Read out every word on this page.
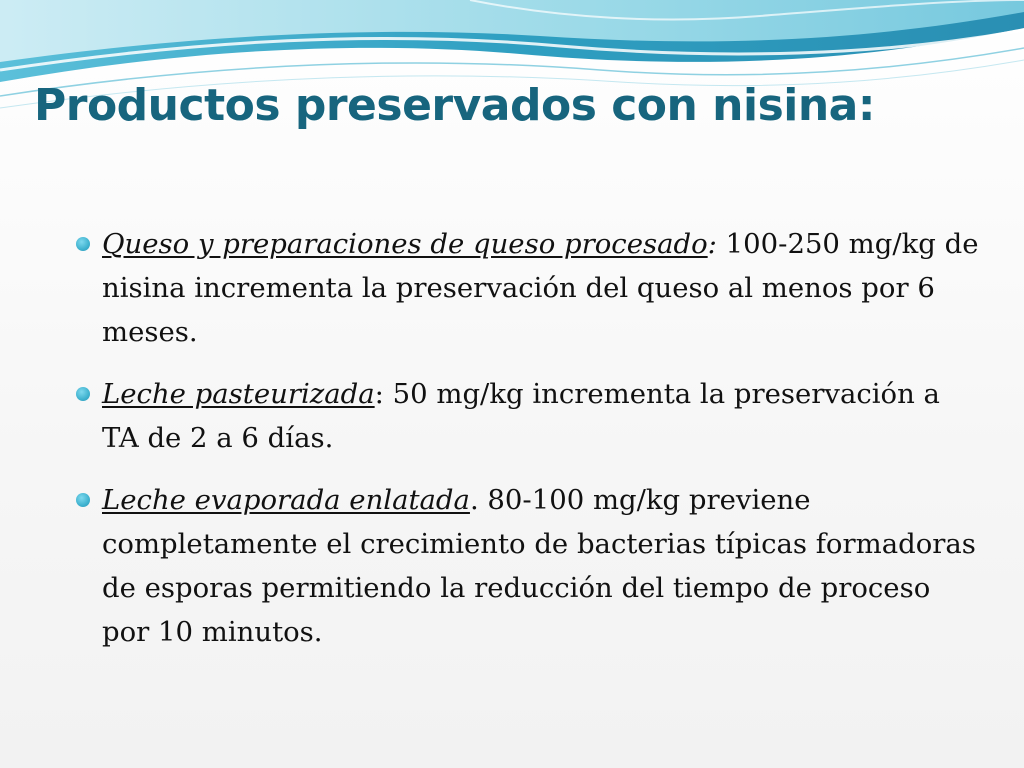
Productos preservados con nisina:
Queso y preparaciones de queso procesado: 100-250 mg/kg de nisina incrementa la preservación del queso al menos por 6 meses.
Leche pasteurizada: 50 mg/kg incrementa la preservación a TA de 2 a 6 días.
Leche evaporada enlatada. 80-100 mg/kg previene completamente el crecimiento de bacterias típicas formadoras de esporas permitiendo la reducción del tiempo de proceso por 10 minutos.
